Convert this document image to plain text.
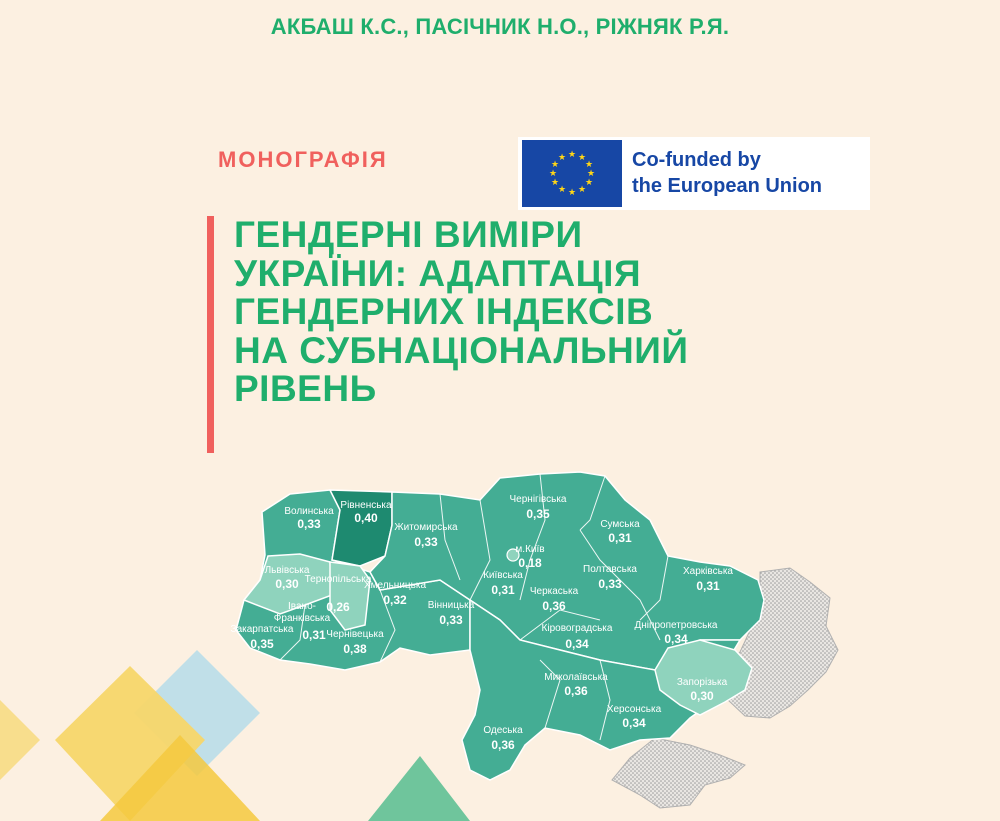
АКБАШ К.С., ПАСІЧНИК Н.О., РІЖНЯК Р.Я.
МОНОГРАФІЯ	★ ★
★
★
★
★
★
★
★
★
★
★	Co-funded by
the European Union
ГЕНДЕРНІ ВИМІРИ
УКРАЇНИ: АДАПТАЦІЯ
ГЕНДЕРНИХ ІНДЕКСІВ
НА СУБНАЦІОНАЛЬНИЙ
РІВЕНЬ
Волинська
0,33
Рівненська
0,40
Житомирська
0,33
Чернігівська
0,35
Сумська
0,31
Львівська
0,30 Тернопільська
0,26
Хмельницька
0,32
м.Київ
0,18
Київська
0,31
Полтавська
0,33
Харківська
0,31
Черкаська
0,36
Івано-
Франківська
0,31
Вінницька
0,33
Закарпатська
0,35
Чернівецька
0,38
Кіровоградська
0,34
Дніпропетровська
0,34
Запорізька
0,30
Миколаївська
0,36
Херсонська
0,34
Одеська
0,36
